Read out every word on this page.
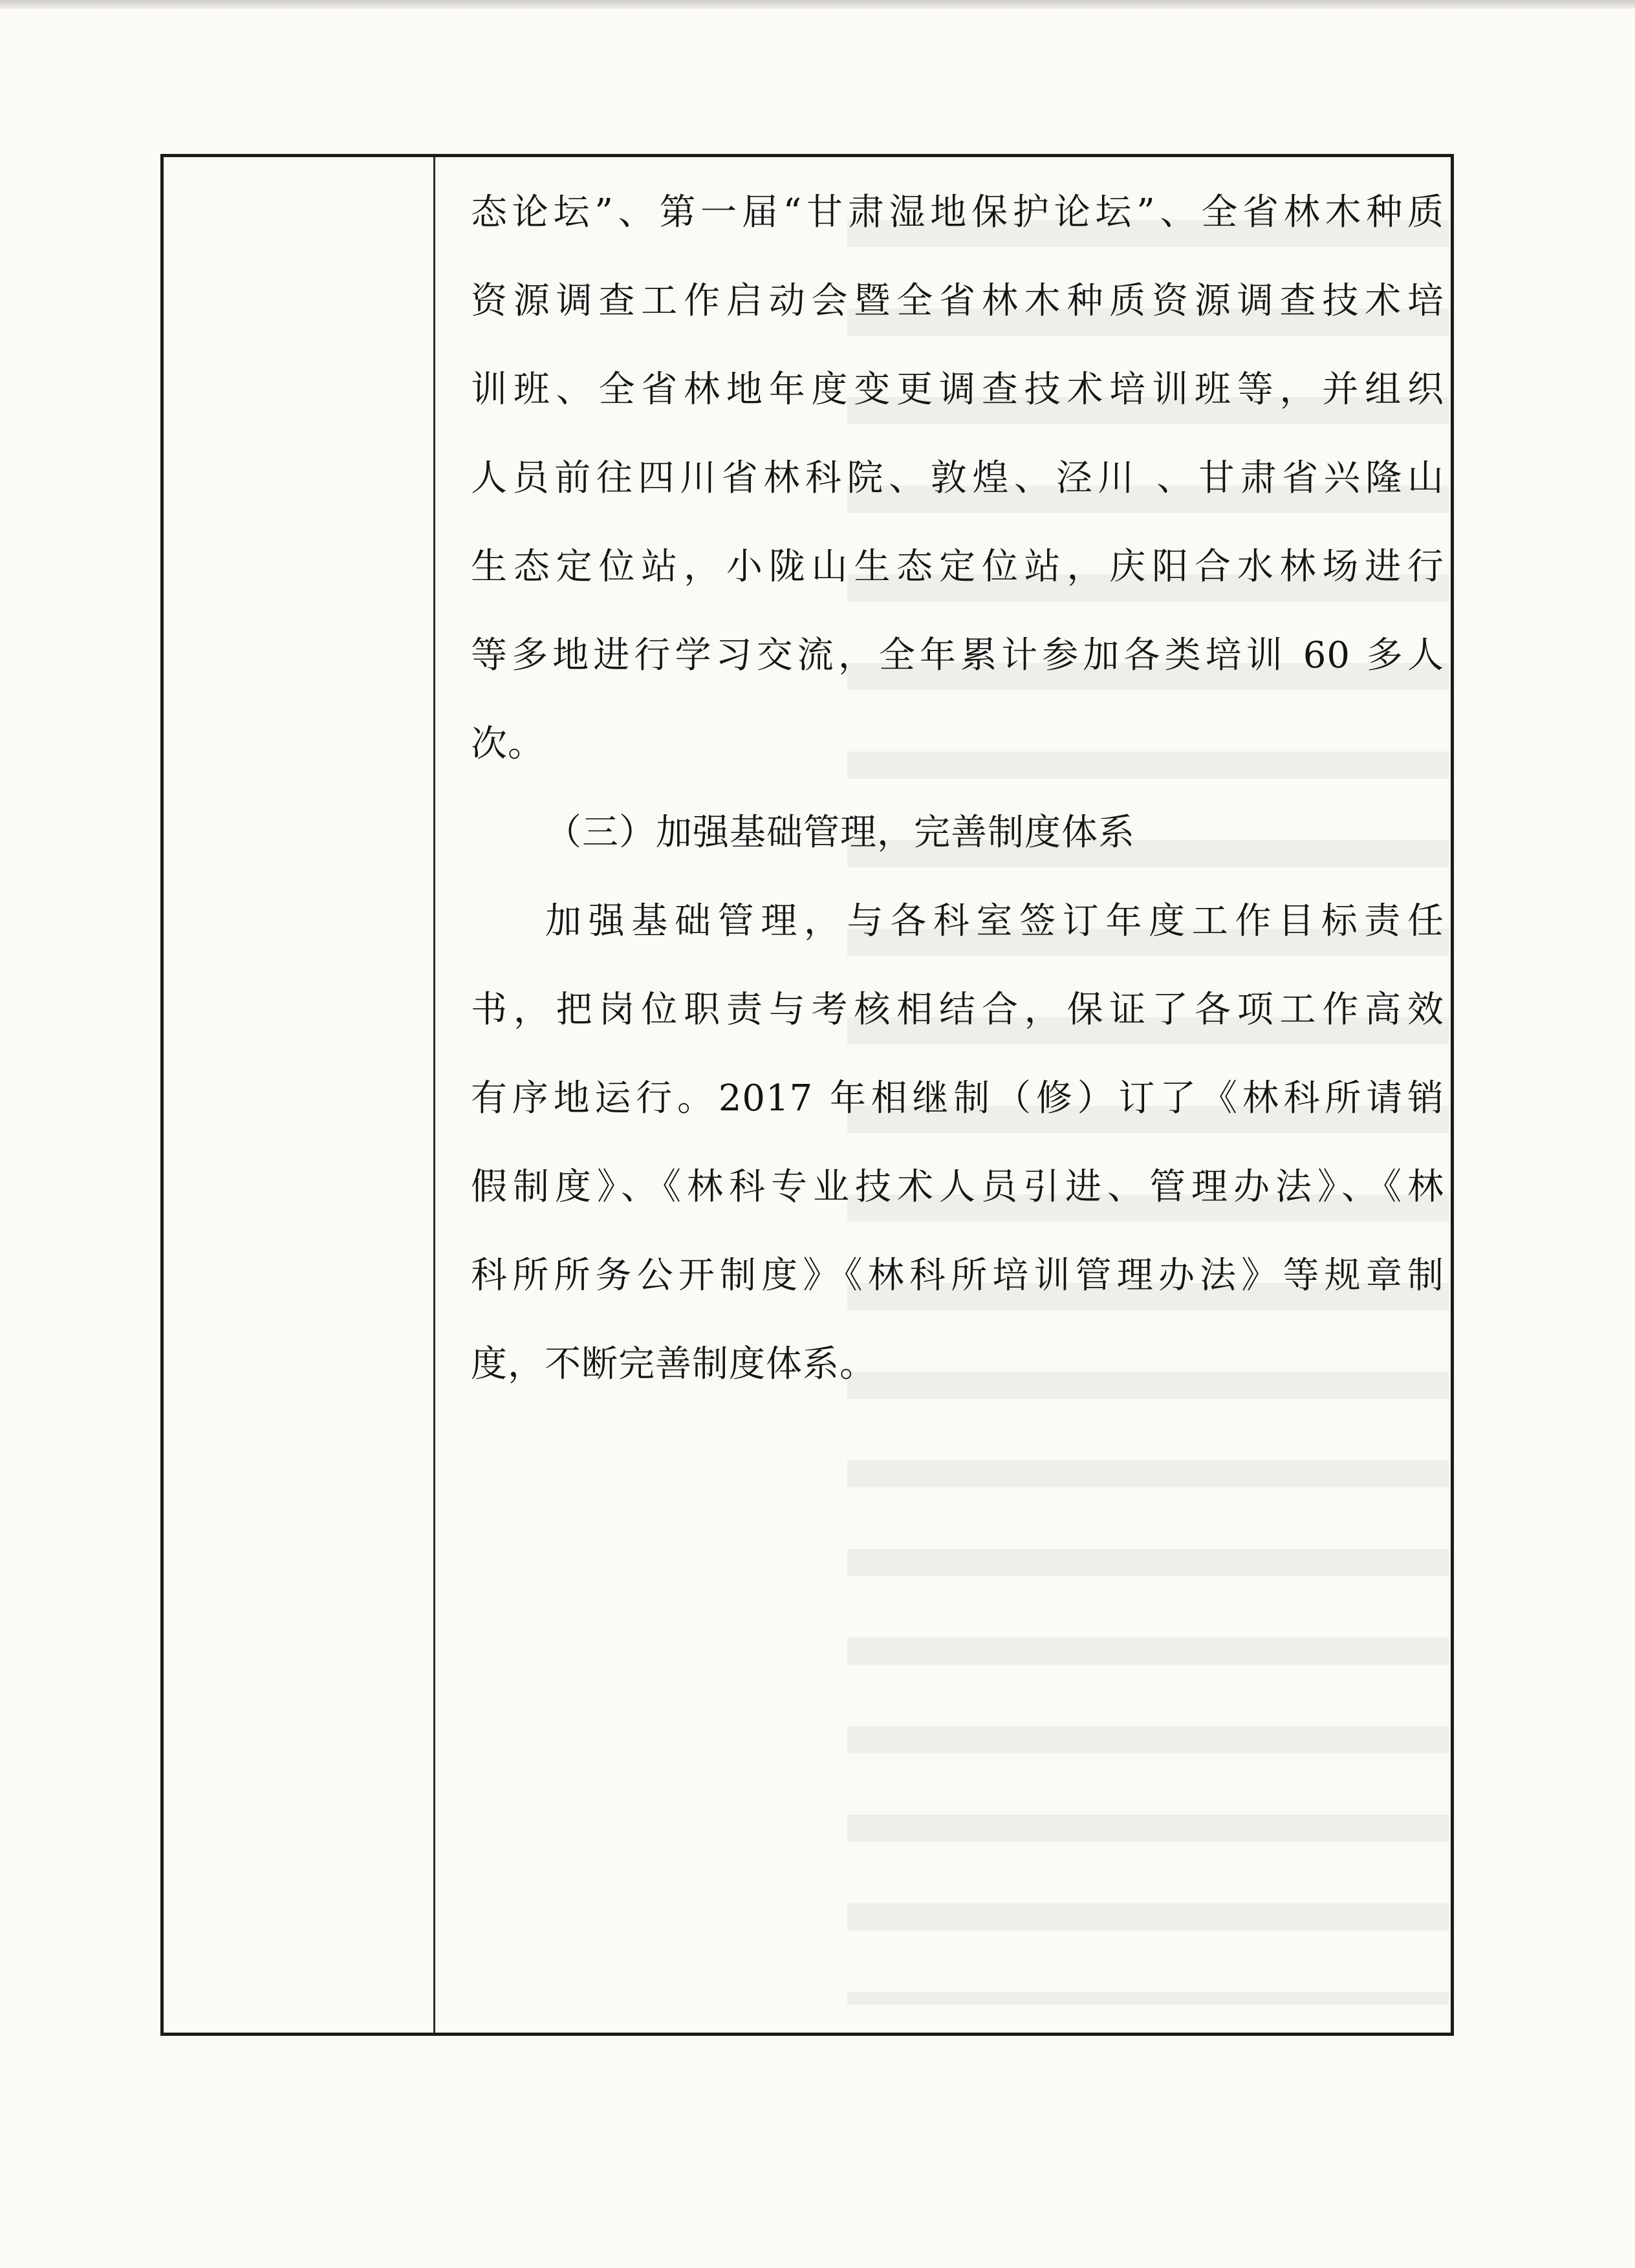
态论坛”、第一届“甘肃湿地保护论坛”、全省林木种质
资源调查工作启动会暨全省林木种质资源调查技术培
训班、全省林地年度变更调查技术培训班等，并组织
人员前往四川省林科院、敦煌、泾川 、甘肃省兴隆山
生态定位站，小陇山生态定位站，庆阳合水林场进行
等多地进行学习交流，全年累计参加各类培训 60 多人
次。
（三）加强基础管理，完善制度体系
加强基础管理，与各科室签订年度工作目标责任
书，把岗位职责与考核相结合，保证了各项工作高效
有序地运行。2017 年相继制（修）订了《林科所请销
假制度》、《林科专业技术人员引进、管理办法》、《林
科所所务公开制度》《林科所培训管理办法》等规章制
度，不断完善制度体系。
